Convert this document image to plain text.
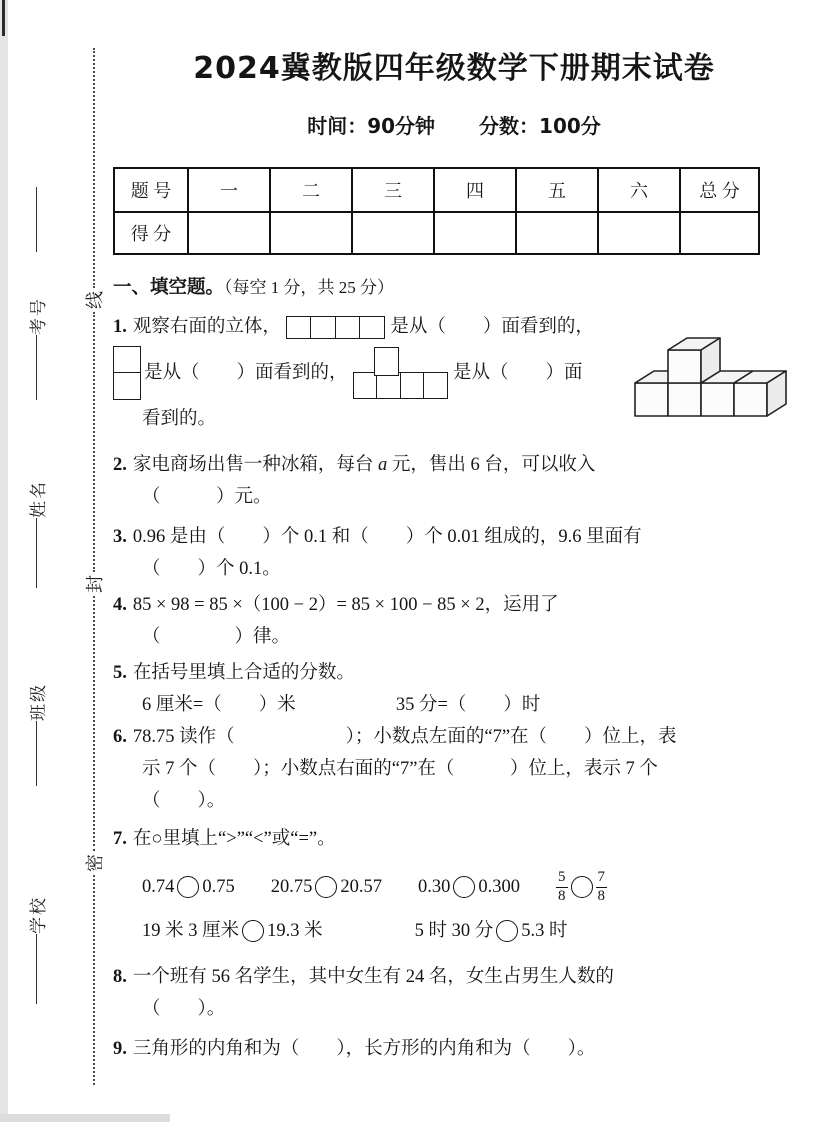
学校
班级
姓名
考号
密
封
线
2024冀教版四年级数学下册期末试卷
时间：90分钟 分数：100分
题 号	一	二	三	四	五	六	总 分
得 分							
一、填空题。（每空 1 分，共 25 分）
1. 观察右面的立体，	是从（　　）面看到的，
是从（　　）面看到的，	是从（　　）面
看到的。
2. 家电商场出售一种冰箱，每台 a 元，售出 6 台，可以收入
（　　　）元。
3. 0.96 是由（　　）个 0.1 和（　　）个 0.01 组成的，9.6 里面有
（　　）个 0.1。
4. 85 × 98 = 85 ×（100 − 2）= 85 × 100 − 85 × 2，运用了
（　　　　）律。
5. 在括号里填上合适的分数。
6 厘米=（　　）米	35 分=（　　）时
6. 78.75 读作（　　　　　　）；小数点左面的“7”在（　　）位上，表
示 7 个（　　）；小数点右面的“7”在（　　　）位上，表示 7 个
（　　）。
7. 在○里填上“>”“<”或“=”。
0.74 0.75 20.75 20.57 0.30 $0.300 \frac{5}{8} \frac{7}{8}$
19 米 3 厘米 19.3 米	5 时 30 分 5.3 时
8. 一个班有 56 名学生，其中女生有 24 名，女生占男生人数的
（　　）。
9. 三角形的内角和为（　　），长方形的内角和为（　　）。
